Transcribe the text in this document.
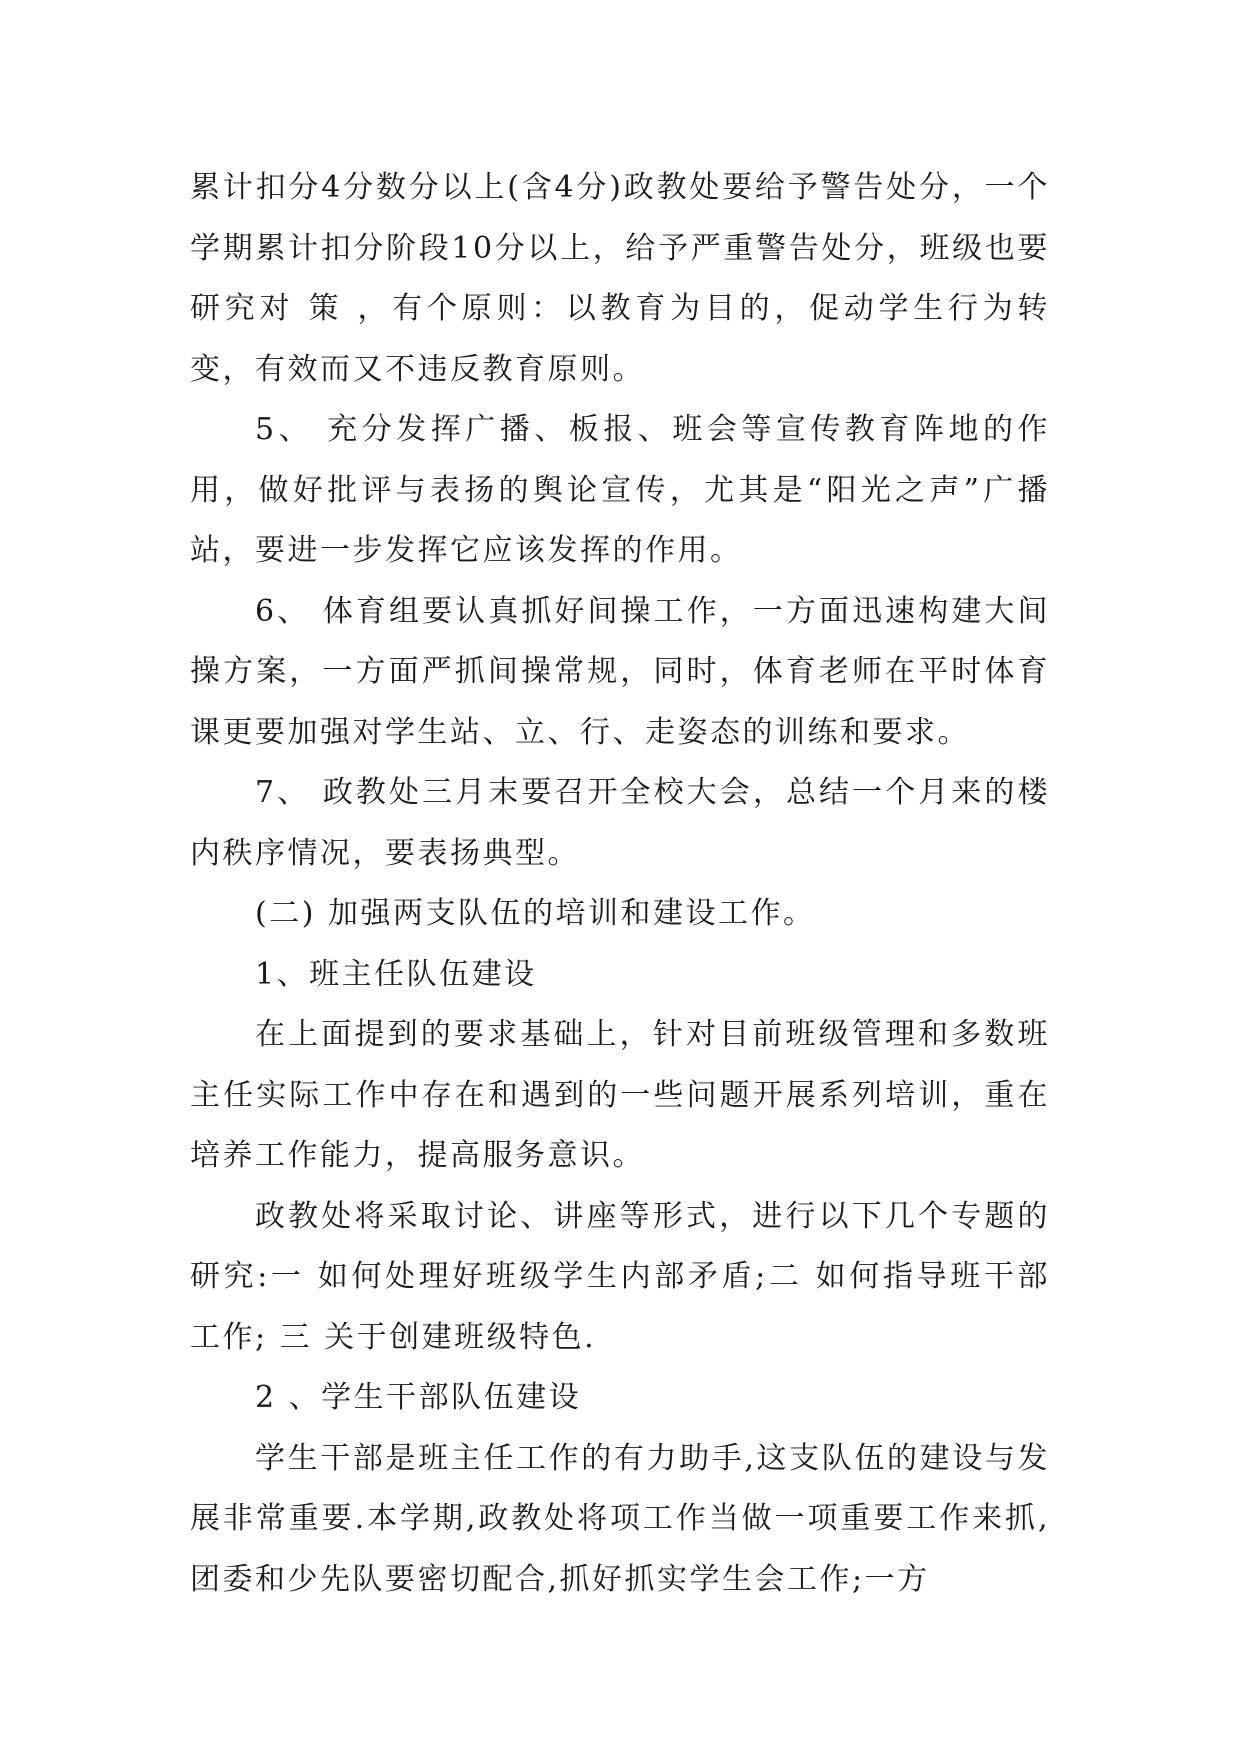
累计扣分4分数分以上(含4分)政教处要给予警告处分，一个学期累计扣分阶段10分以上，给予严重警告处分，班级也要研究对 策 ，有个原则：以教育为目的，促动学生行为转变，有效而又不违反教育原则。

5、 充分发挥广播、板报、班会等宣传教育阵地的作用，做好批评与表扬的舆论宣传，尤其是“阳光之声”广播站，要进一步发挥它应该发挥的作用。

6、 体育组要认真抓好间操工作，一方面迅速构建大间操方案，一方面严抓间操常规，同时，体育老师在平时体育课更要加强对学生站、立、行、走姿态的训练和要求。

7、 政教处三月末要召开全校大会，总结一个月来的楼内秩序情况，要表扬典型。

(二) 加强两支队伍的培训和建设工作。

1、班主任队伍建设

在上面提到的要求基础上，针对目前班级管理和多数班主任实际工作中存在和遇到的一些问题开展系列培训，重在培养工作能力，提高服务意识。

政教处将采取讨论、讲座等形式，进行以下几个专题的研究:一 如何处理好班级学生内部矛盾;二 如何指导班干部工作; 三 关于创建班级特色.

2 、学生干部队伍建设

学生干部是班主任工作的有力助手,这支队伍的建设与发展非常重要.本学期,政教处将项工作当做一项重要工作来抓,团委和少先队要密切配合,抓好抓实学生会工作;一方
